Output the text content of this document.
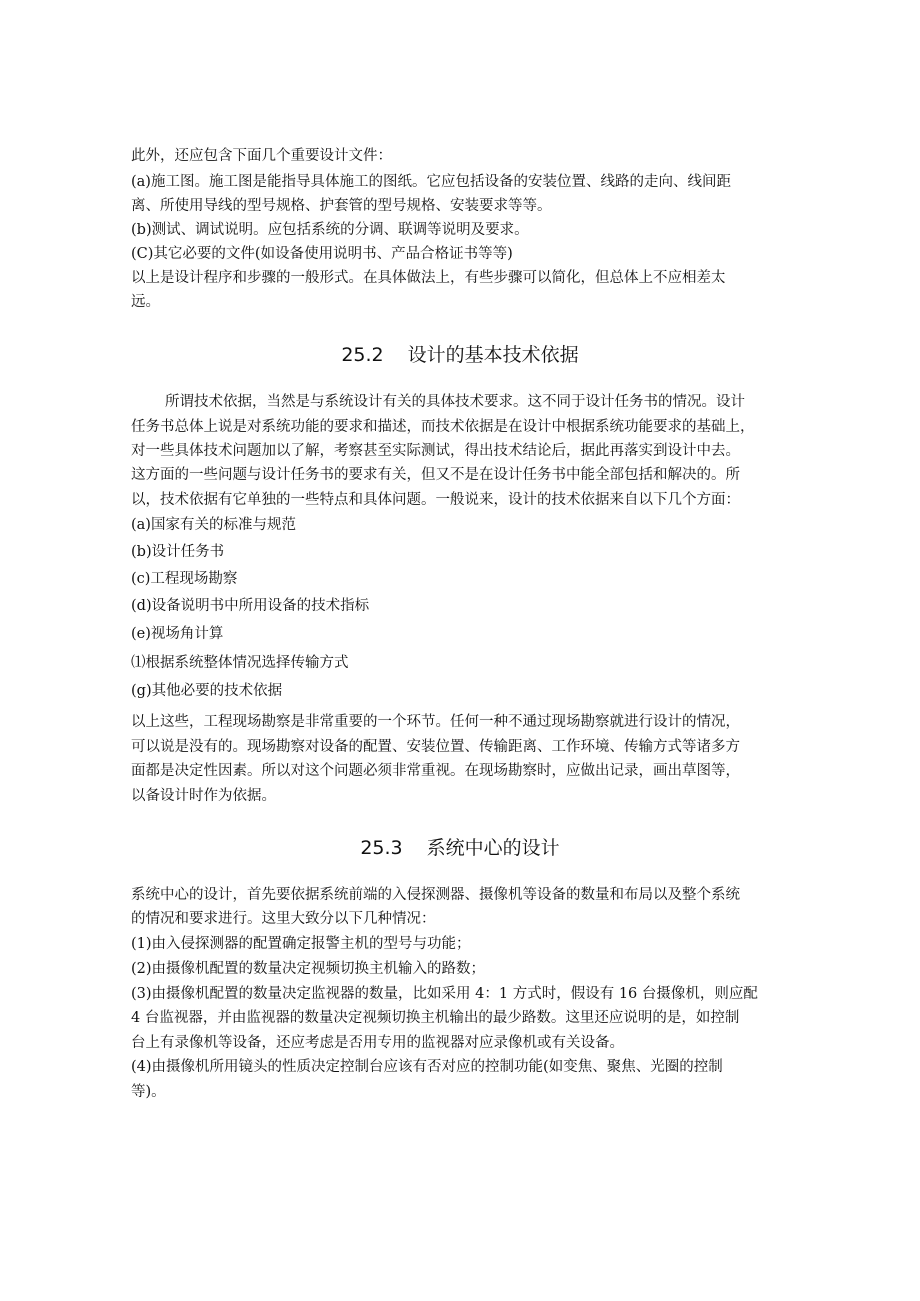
此外，还应包含下面几个重要设计文件：
(a)施工图。施工图是能指导具体施工的图纸。它应包括设备的安装位置、线路的走向、线间距
离、所使用导线的型号规格、护套管的型号规格、安装要求等等。
(b)测试、调试说明。应包括系统的分调、联调等说明及要求。
(C)其它必要的文件(如设备使用说明书、产品合格证书等等)
以上是设计程序和步骤的一般形式。在具体做法上，有些步骤可以简化，但总体上不应相差太
远。
25.2 设计的基本技术依据
所谓技术依据，当然是与系统设计有关的具体技术要求。这不同于设计任务书的情况。设计
任务书总体上说是对系统功能的要求和描述，而技术依据是在设计中根据系统功能要求的基础上，
对一些具体技术问题加以了解，考察甚至实际测试，得出技术结论后，据此再落实到设计中去。
这方面的一些问题与设计任务书的要求有关，但又不是在设计任务书中能全部包括和解决的。所
以，技术依据有它单独的一些特点和具体问题。一般说来，设计的技术依据来自以下几个方面：
(a)国家有关的标准与规范
(b)设计任务书
(c)工程现场勘察
(d)设备说明书中所用设备的技术指标
(e)视场角计算
⑴根据系统整体情况选择传输方式
(g)其他必要的技术依据
以上这些，工程现场勘察是非常重要的一个环节。任何一种不通过现场勘察就进行设计的情况，
可以说是没有的。现场勘察对设备的配置、安装位置、传输距离、工作环境、传输方式等诸多方
面都是决定性因素。所以对这个问题必须非常重视。在现场勘察时，应做出记录，画出草图等，
以备设计时作为依据。
25.3 系统中心的设计
系统中心的设计，首先要依据系统前端的入侵探测器、摄像机等设备的数量和布局以及整个系统
的情况和要求进行。这里大致分以下几种情况：
(1)由入侵探测器的配置确定报警主机的型号与功能；
(2)由摄像机配置的数量决定视频切换主机输入的路数；
(3)由摄像机配置的数量决定监视器的数量，比如采用 4：1 方式时，假设有 16 台摄像机，则应配
4 台监视器，并由监视器的数量决定视频切换主机输出的最少路数。这里还应说明的是，如控制
台上有录像机等设备，还应考虑是否用专用的监视器对应录像机或有关设备。
(4)由摄像机所用镜头的性质决定控制台应该有否对应的控制功能(如变焦、聚焦、光圈的控制
等)。
